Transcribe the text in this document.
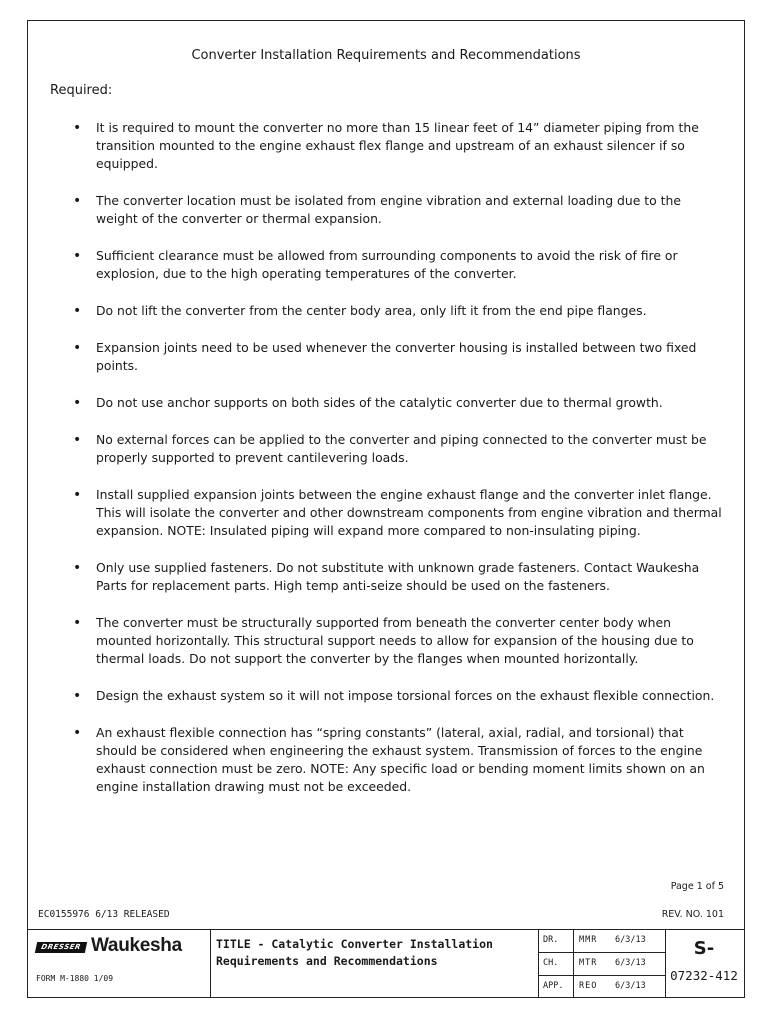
Converter Installation Requirements and Recommendations
Required:
• It is required to mount the converter no more than 15 linear feet of 14” diameter piping from the transition mounted to the engine exhaust flex flange and upstream of an exhaust silencer if so equipped.
• The converter location must be isolated from engine vibration and external loading due to the weight of the converter or thermal expansion.
• Sufficient clearance must be allowed from surrounding components to avoid the risk of fire or explosion, due to the high operating temperatures of the converter.
• Do not lift the converter from the center body area, only lift it from the end pipe flanges.
• Expansion joints need to be used whenever the converter housing is installed between two fixed points.
• Do not use anchor supports on both sides of the catalytic converter due to thermal growth.
• No external forces can be applied to the converter and piping connected to the converter must be properly supported to prevent cantilevering loads.
• Install supplied expansion joints between the engine exhaust flange and the converter inlet flange. This will isolate the converter and other downstream components from engine vibration and thermal expansion. NOTE: Insulated piping will expand more compared to non-insulating piping.
• Only use supplied fasteners. Do not substitute with unknown grade fasteners. Contact Waukesha Parts for replacement parts. High temp anti-seize should be used on the fasteners.
• The converter must be structurally supported from beneath the converter center body when mounted horizontally. This structural support needs to allow for expansion of the housing due to thermal loads. Do not support the converter by the flanges when mounted horizontally.
• Design the exhaust system so it will not impose torsional forces on the exhaust flexible connection.
• An exhaust flexible connection has “spring constants” (lateral, axial, radial, and torsional) that should be considered when engineering the exhaust system. Transmission of forces to the engine exhaust connection must be zero. NOTE: Any specific load or bending moment limits shown on an engine installation drawing must not be exceeded.
Page 1 of 5
EC0155976 6/13 RELEASED	REV. NO. 101
DRESSER Waukesha
FORM M-1880 1/09
TITLE - Catalytic Converter Installation
Requirements and Recommendations
DR. MMR 6/3/13
CH. MTR 6/3/13
APP. REO 6/3/13
S-
07232-412
